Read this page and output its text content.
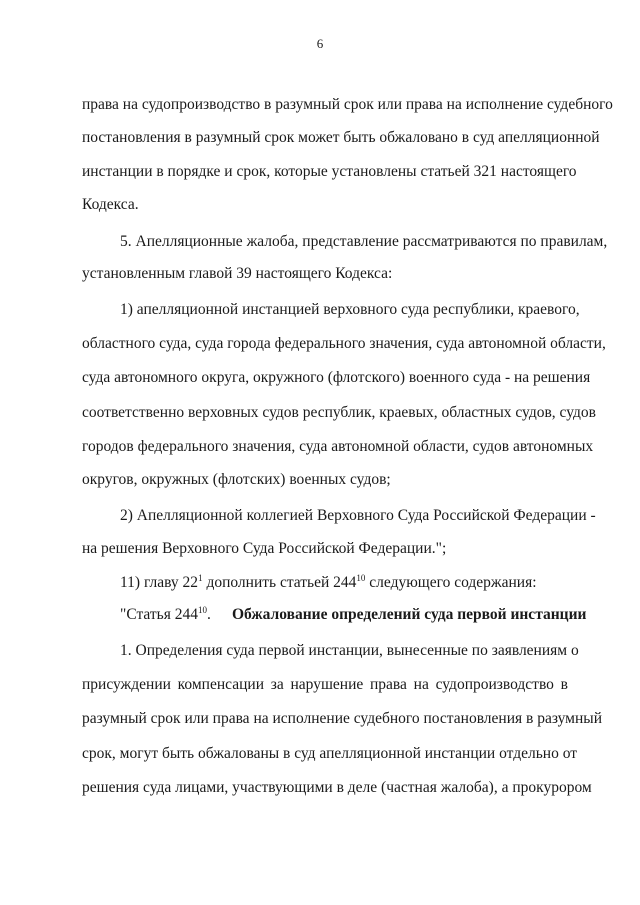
6
права на судопроизводство в разумный срок или права на исполнение судебного
постановления в разумный срок может быть обжаловано в суд апелляционной
инстанции в порядке и срок, которые установлены статьей 321 настоящего
Кодекса.
5. Апелляционные жалоба, представление рассматриваются по правилам,
установленным главой 39 настоящего Кодекса:
1) апелляционной инстанцией верховного суда республики, краевого,
областного суда, суда города федерального значения, суда автономной области,
суда автономного округа, окружного (флотского) военного суда - на решения
соответственно верховных судов республик, краевых, областных судов, судов
городов федерального значения, суда автономной области, судов автономных
округов, окружных (флотских) военных судов;
2) Апелляционной коллегией Верховного Суда Российской Федерации -
на решения Верховного Суда Российской Федерации.";
11) главу $22^1$ дополнить статьей $244^{10}$ следующего содержания:
"Статья $244^{10}$. Обжалование определений суда первой инстанции
1. Определения суда первой инстанции, вынесенные по заявлениям о
присуждении компенсации за нарушение права на судопроизводство в
разумный срок или права на исполнение судебного постановления в разумный
срок, могут быть обжалованы в суд апелляционной инстанции отдельно от
решения суда лицами, участвующими в деле (частная жалоба), а прокурором
